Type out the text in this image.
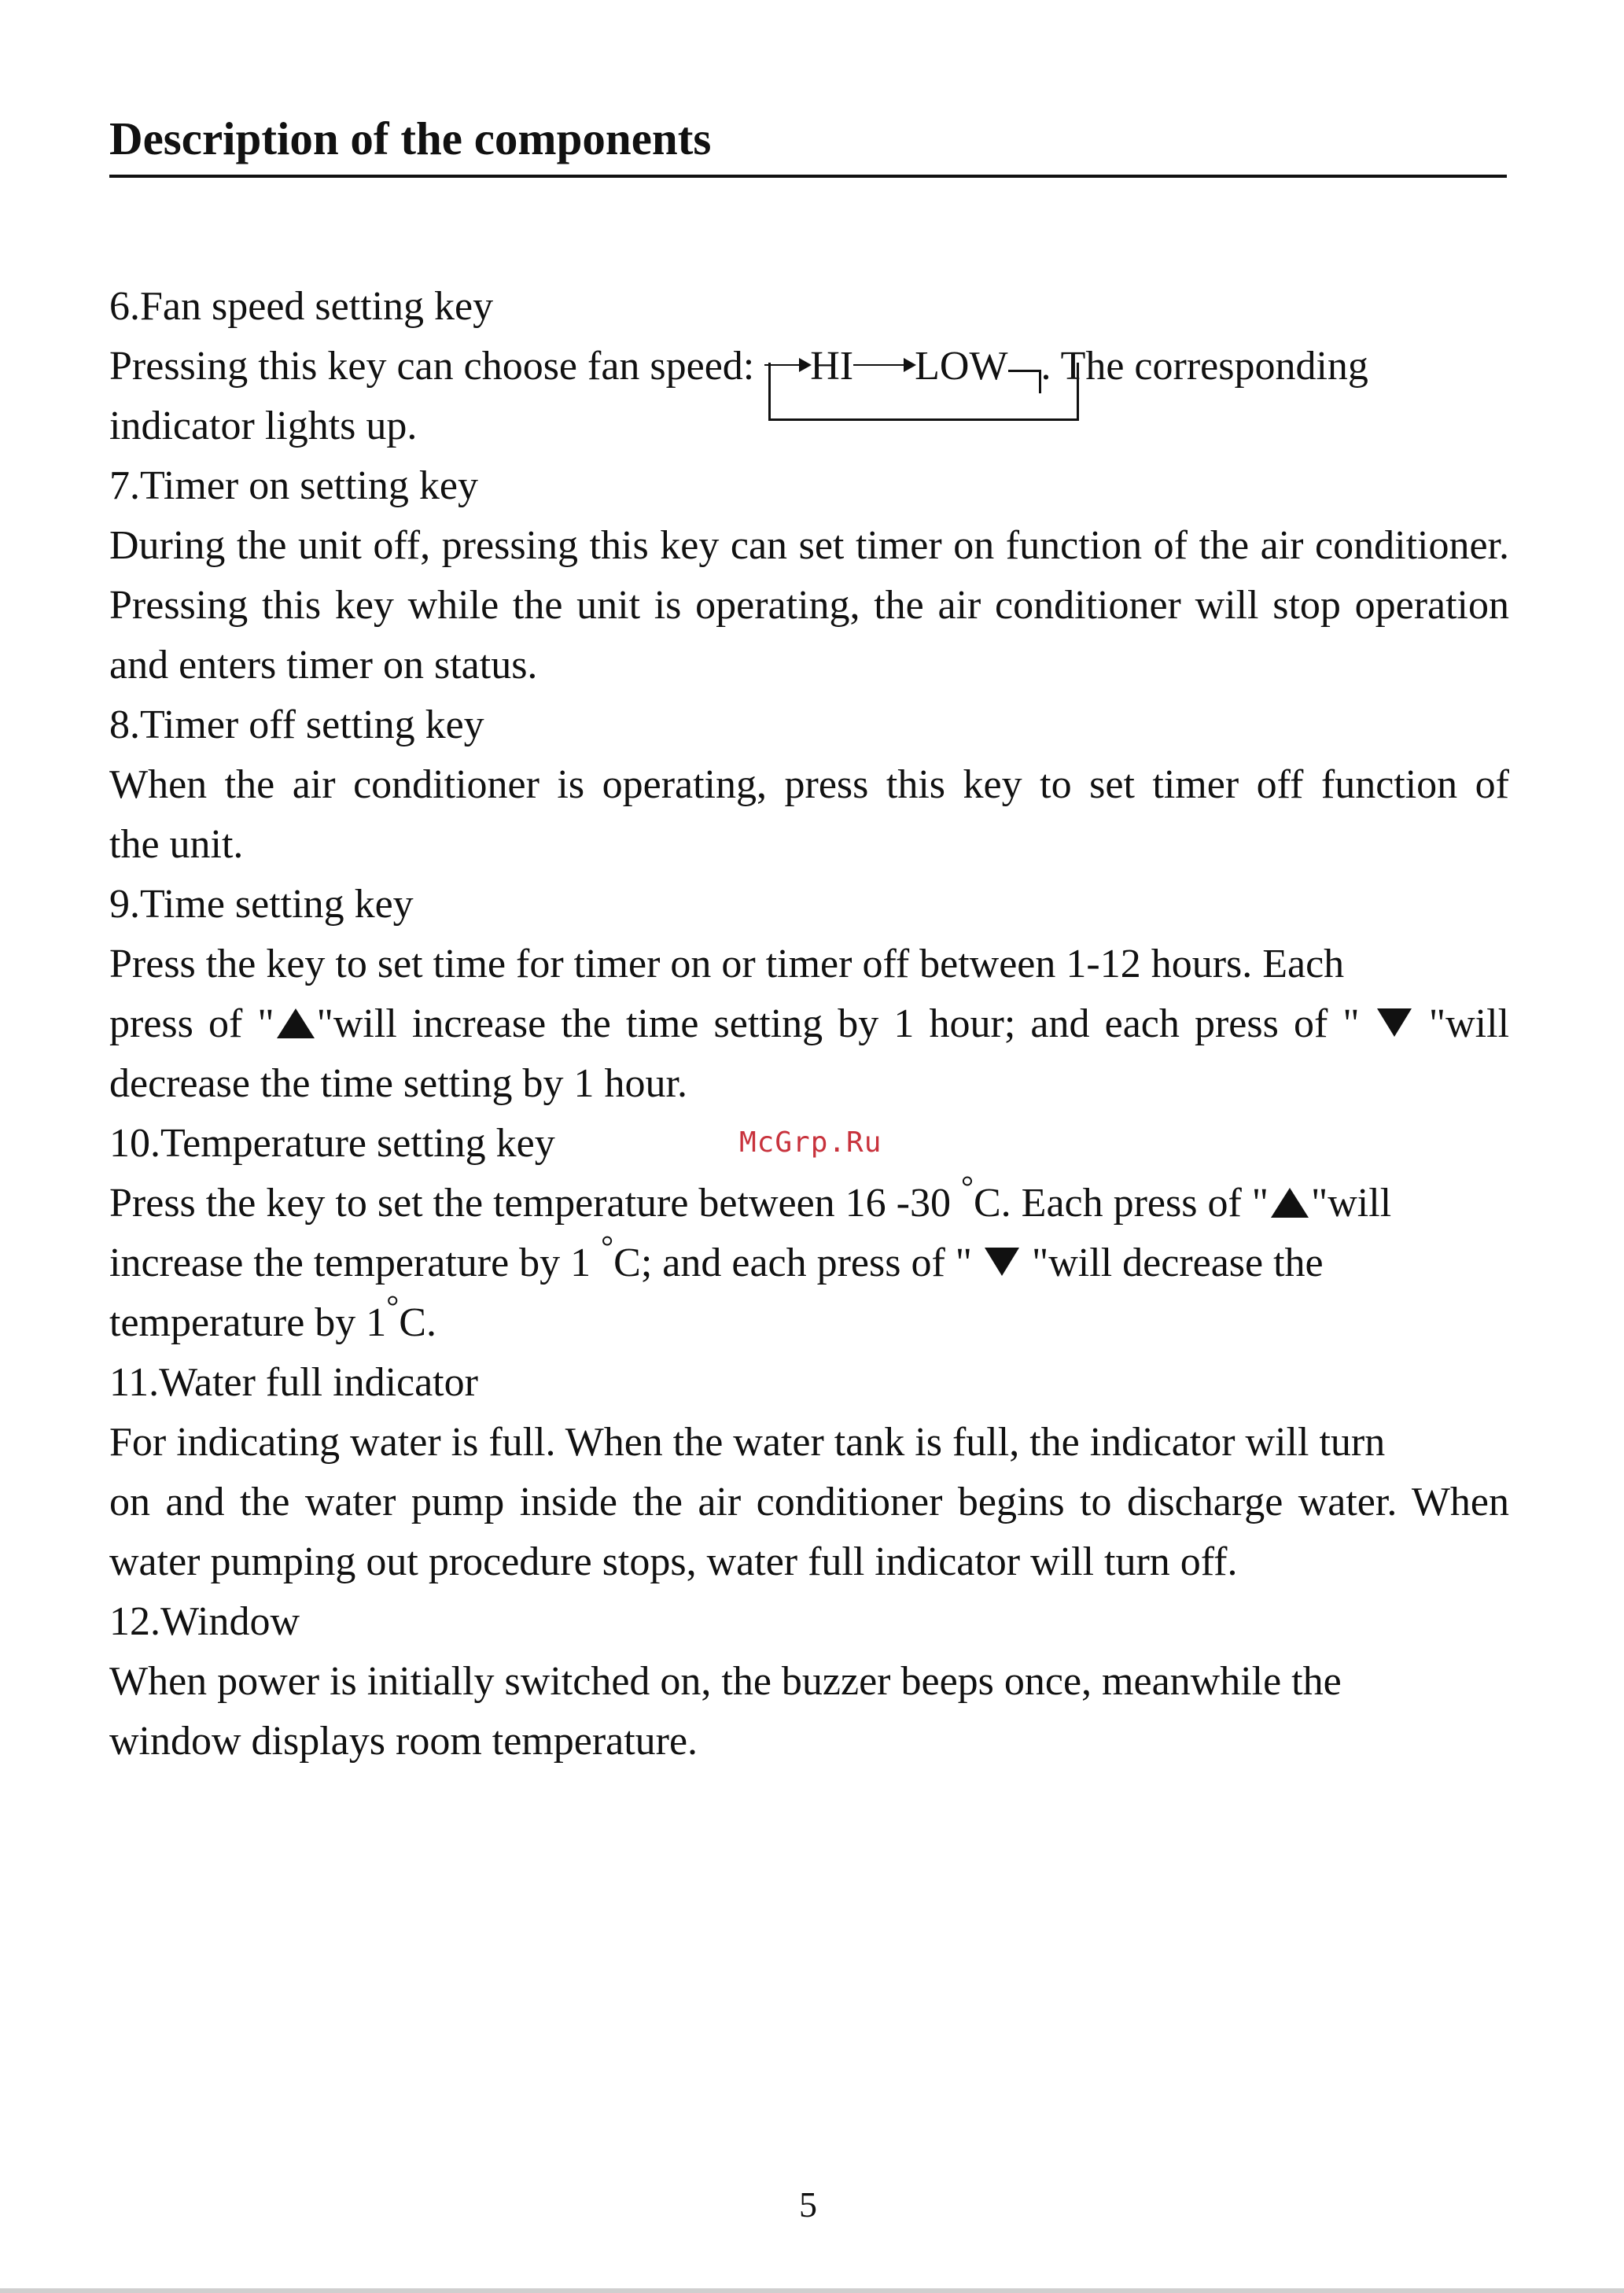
Description of the components
6.Fan speed setting key
Pressing this key can choose fan speed:
HI LOW . The corresponding
indicator lights up.
7.Timer on setting key
During the unit off, pressing this key can set timer on function of the air conditioner.
Pressing this key while the unit is operating, the air conditioner will stop operation
and enters timer on status.
8.Timer off setting key
When the air conditioner is operating, press this key to set timer off function of
the unit.
9.Time setting key
Press the key to set time for timer on or timer off between 1-12 hours. Each
press of " "will increase the time setting by 1 hour; and each press of " "will
decrease the time setting by 1 hour.
10.Temperature setting key	McGrp.Ru
Press the key to set the temperature between 16 -30 °C. Each press of " "will
increase the temperature by 1 °C; and each press of " "will decrease the
temperature by 1°C.
11.Water full indicator
For indicating water is full. When the water tank is full, the indicator will turn
on and the water pump inside the air conditioner begins to discharge water. When
water pumping out procedure stops, water full indicator will turn off.
12.Window
When power is initially switched on, the buzzer beeps once, meanwhile the
window displays room temperature.
5
